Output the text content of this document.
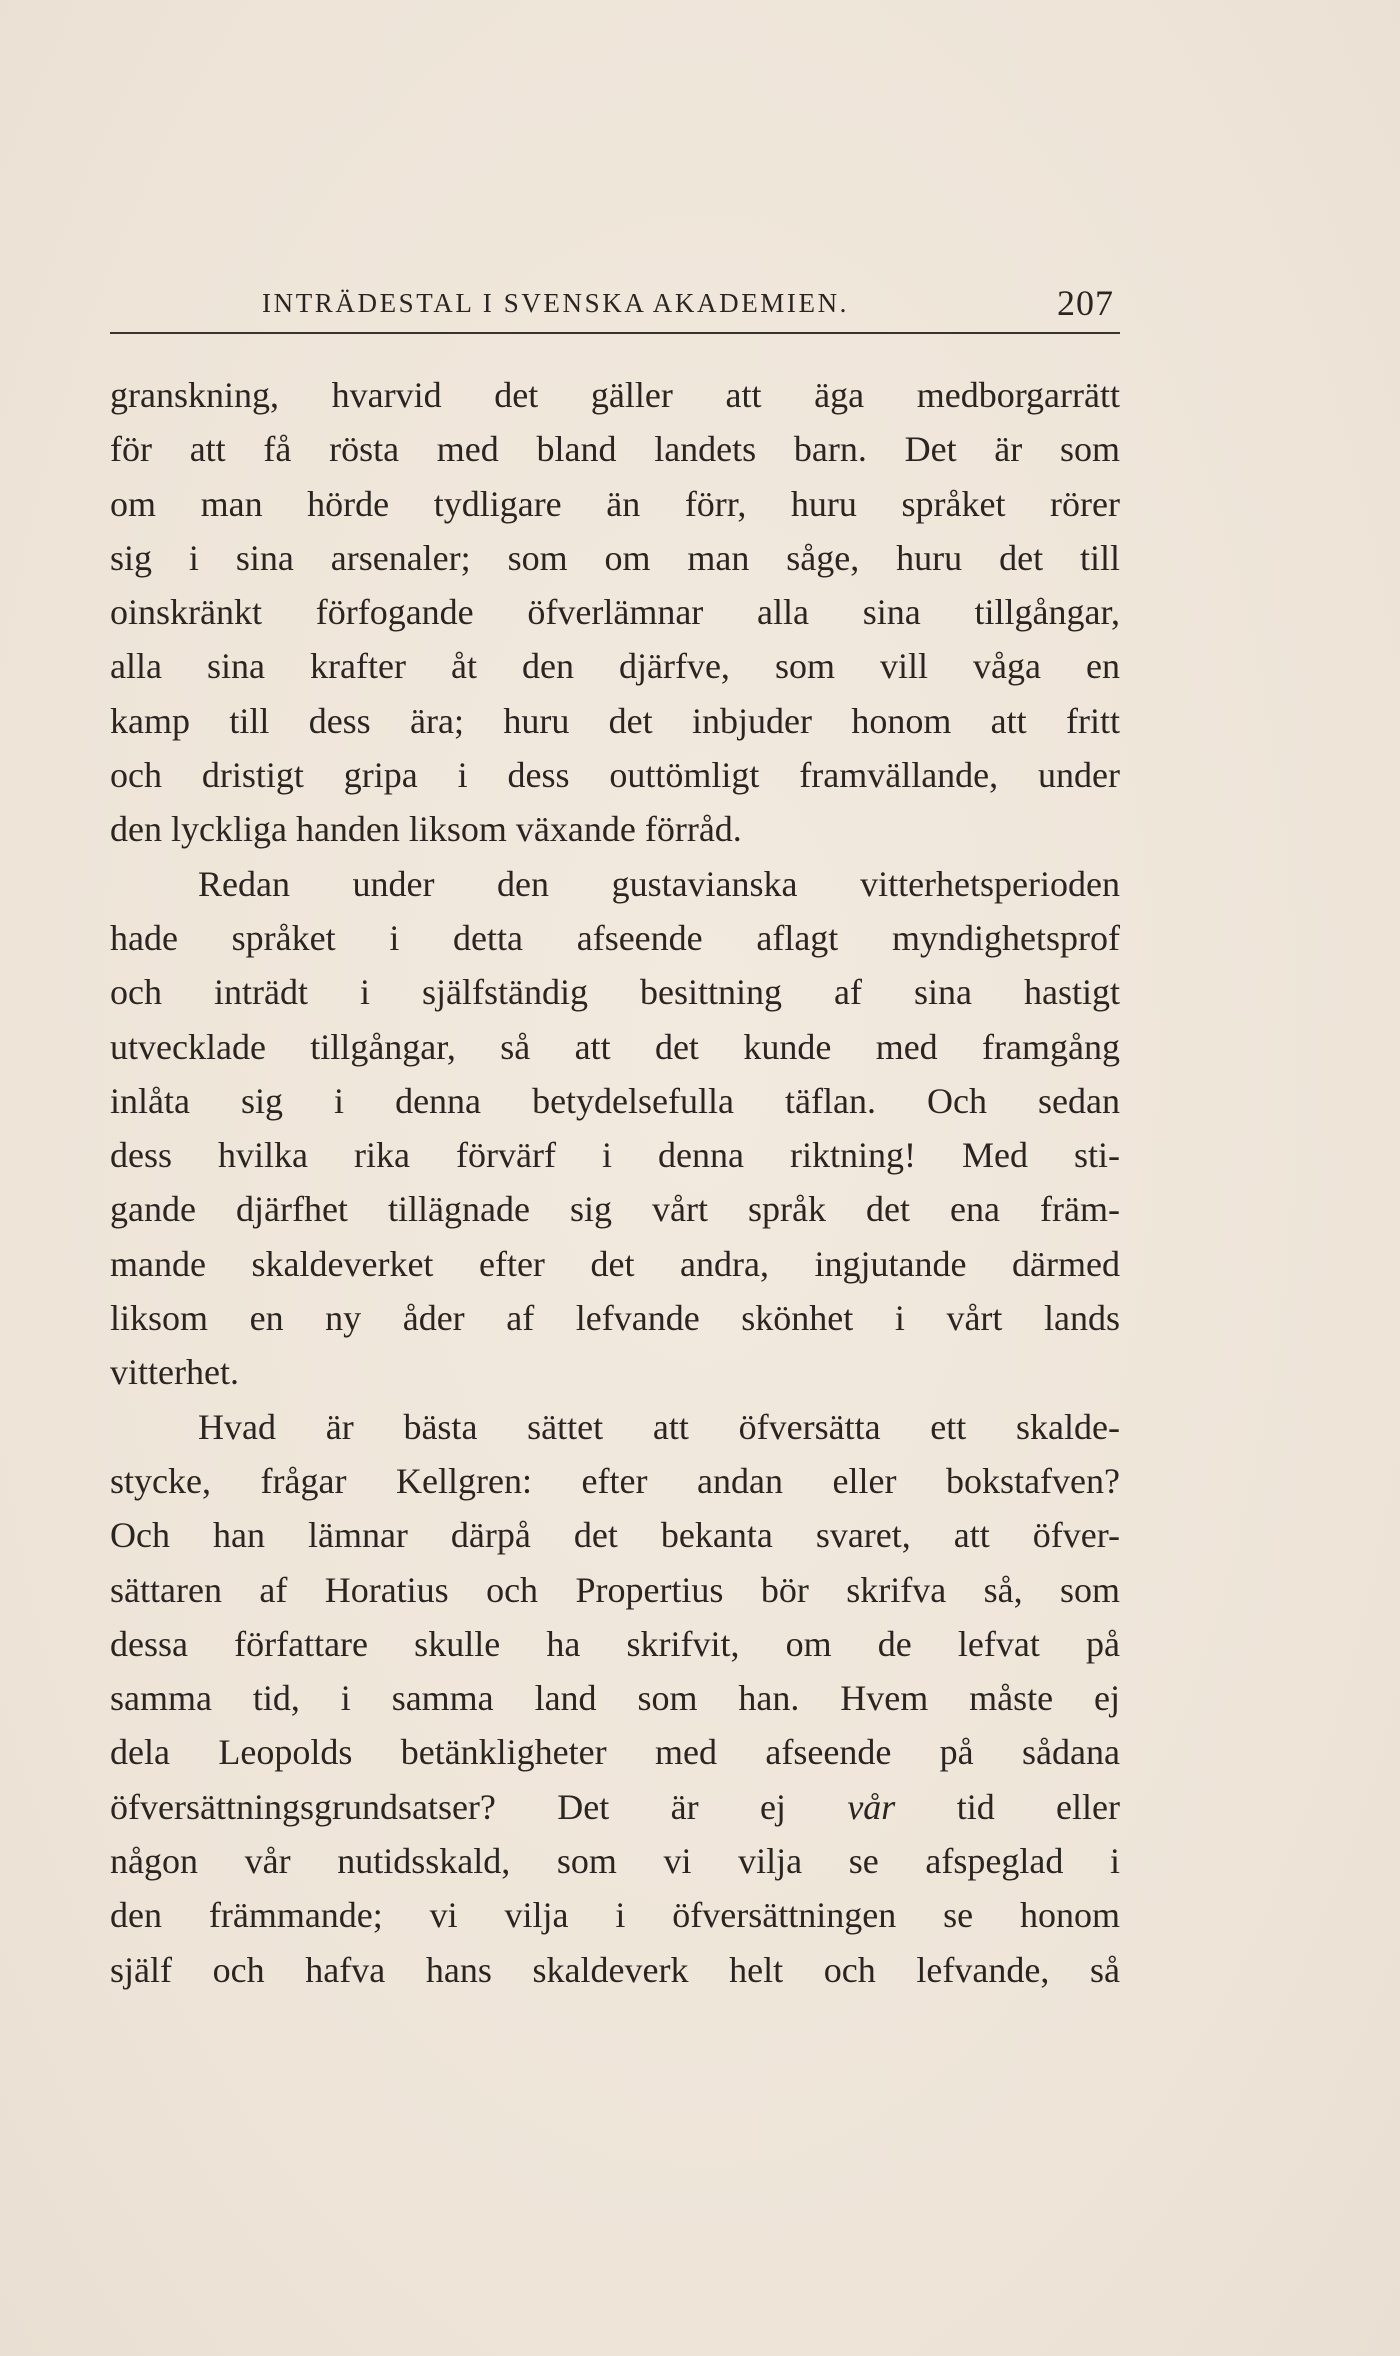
INTRÄDESTAL I SVENSKA AKADEMIEN.	207
granskning, hvarvid det gäller att äga medborgarrätt
för att få rösta med bland landets barn. Det är som
om man hörde tydligare än förr, huru språket rörer
sig i sina arsenaler; som om man såge, huru det till
oinskränkt förfogande öfverlämnar alla sina tillgångar,
alla sina krafter åt den djärfve, som vill våga en
kamp till dess ära; huru det inbjuder honom att fritt
och dristigt gripa i dess outtömligt framvällande, under
den lyckliga handen liksom växande förråd.
Redan under den gustavianska vitterhetsperioden
hade språket i detta afseende aflagt myndighetsprof
och inträdt i själfständig besittning af sina hastigt
utvecklade tillgångar, så att det kunde med framgång
inlåta sig i denna betydelsefulla täflan. Och sedan
dess hvilka rika förvärf i denna riktning! Med sti-
gande djärfhet tillägnade sig vårt språk det ena främ-
mande skaldeverket efter det andra, ingjutande därmed
liksom en ny åder af lefvande skönhet i vårt lands
vitterhet.
Hvad är bästa sättet att öfversätta ett skalde-
stycke, frågar Kellgren: efter andan eller bokstafven?
Och han lämnar därpå det bekanta svaret, att öfver-
sättaren af Horatius och Propertius bör skrifva så, som
dessa författare skulle ha skrifvit, om de lefvat på
samma tid, i samma land som han. Hvem måste ej
dela Leopolds betänkligheter med afseende på sådana
öfversättningsgrundsatser? Det är ej vår tid eller
någon vår nutidsskald, som vi vilja se afspeglad i
den främmande; vi vilja i öfversättningen se honom
själf och hafva hans skaldeverk helt och lefvande, så
